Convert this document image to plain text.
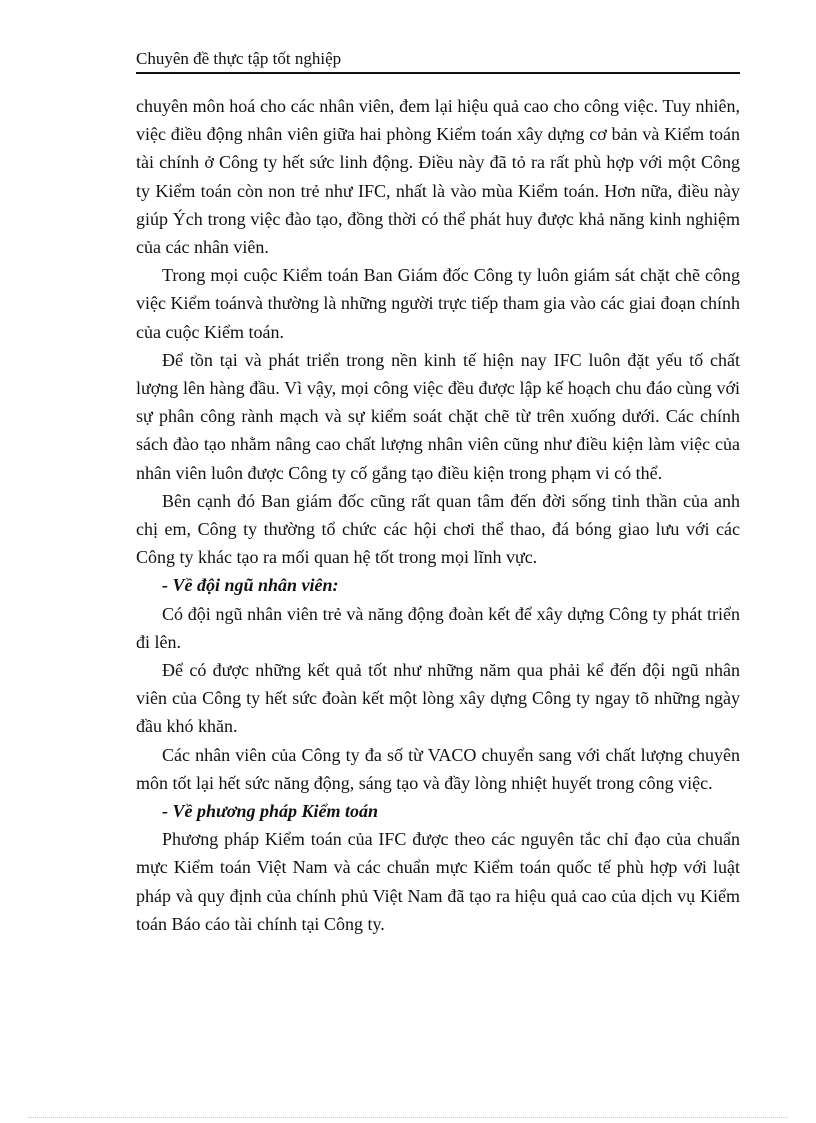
Chuyên đề thực tập tốt nghiệp

chuyên môn hoá cho các nhân viên, đem lại hiệu quả cao cho công việc. Tuy nhiên, việc điều động nhân viên giữa hai phòng Kiểm toán xây dựng cơ bản và Kiểm toán tài chính ở Công ty hết sức linh động. Điều này đã tỏ ra rất phù hợp với một Công ty Kiểm toán còn non trẻ như IFC, nhất là vào mùa Kiểm toán. Hơn nữa, điều này giúp Ých trong việc đào tạo, đồng thời có thể phát huy được khả năng kinh nghiệm của các nhân viên.

Trong mọi cuộc Kiểm toán Ban Giám đốc Công ty luôn giám sát chặt chẽ công việc Kiểm toánvà thường là những người trực tiếp tham gia vào các giai đoạn chính của cuộc Kiểm toán.

Để tồn tại và phát triển trong nền kinh tế hiện nay IFC luôn đặt yếu tố chất lượng lên hàng đầu. Vì vậy, mọi công việc đều được lập kế hoạch chu đáo cùng với sự phân công rành mạch và sự kiểm soát chặt chẽ từ trên xuống dưới. Các chính sách đào tạo nhằm nâng cao chất lượng nhân viên cũng như điều kiện làm việc của nhân viên luôn được Công ty cố gắng tạo điều kiện trong phạm vi có thể.

Bên cạnh đó Ban giám đốc cũng rất quan tâm đến đời sống tinh thần của anh chị em, Công ty thường tổ chức các hội chơi thể thao, đá bóng giao lưu với các Công ty khác tạo ra mối quan hệ tốt trong mọi lĩnh vực.

- Về đội ngũ nhân viên:

Có đội ngũ nhân viên trẻ và năng động đoàn kết để xây dựng Công ty phát triển đi lên.

Để có được những kết quả tốt như những năm qua phải kể đến đội ngũ nhân viên của Công ty hết sức đoàn kết một lòng xây dựng Công ty ngay tõ những ngày đầu khó khăn.

Các nhân viên của Công ty đa số từ VACO chuyển sang với chất lượng chuyên môn tốt lại hết sức năng động, sáng tạo và đầy lòng nhiệt huyết trong công việc.

- Về phương pháp Kiểm toán

Phương pháp Kiểm toán của IFC được theo các nguyên tắc chỉ đạo của chuẩn mực Kiểm toán Việt Nam và các chuẩn mực Kiểm toán quốc tế phù hợp với luật pháp và quy định của chính phủ Việt Nam đã tạo ra hiệu quả cao của dịch vụ Kiểm toán Báo cáo tài chính tại Công ty.
